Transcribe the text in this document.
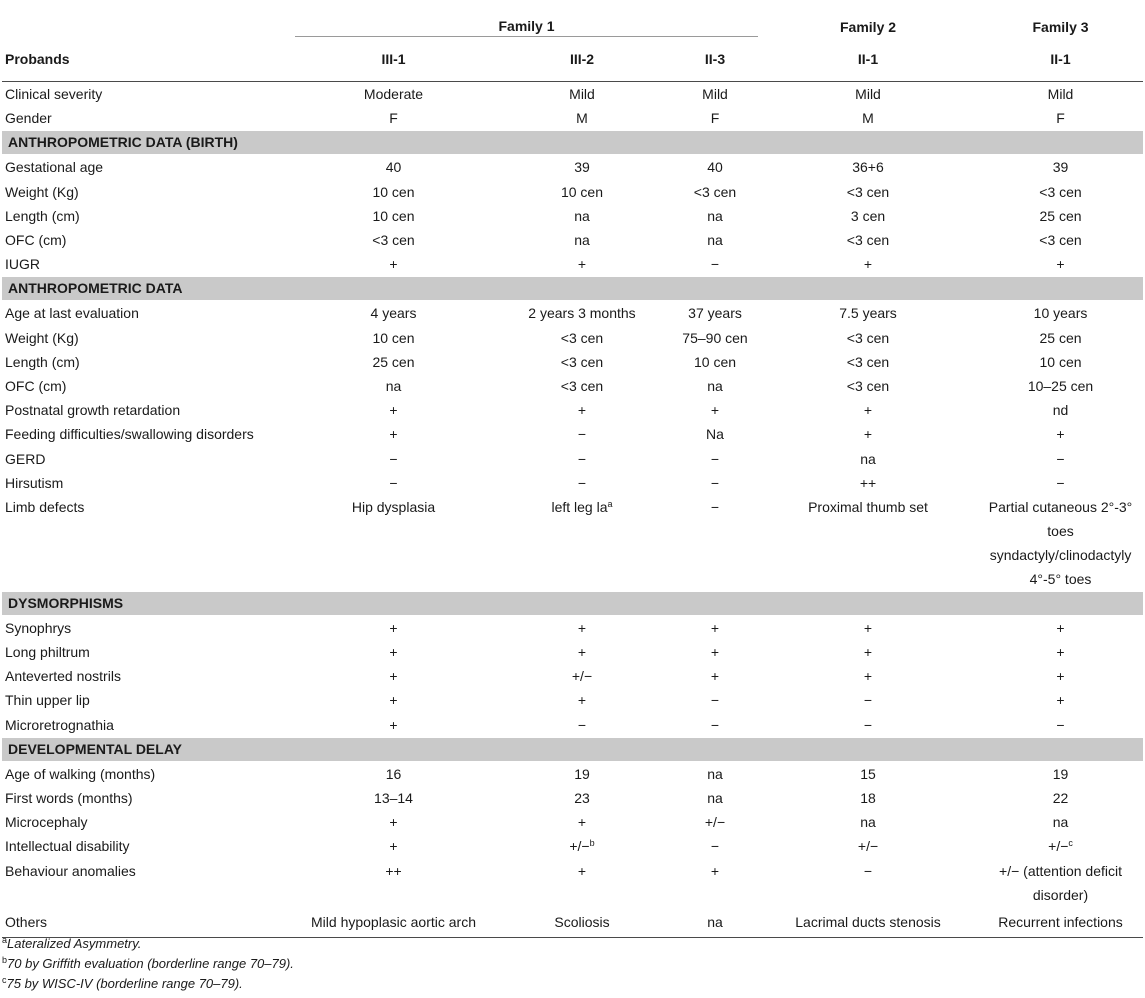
	Family 1			Family 2	Family 3
Probands	III-1	III-2	II-3	II-1	II-1
Clinical severity	Moderate	Mild	Mild	Mild	Mild
Gender	F	M	F	M	F
ANTHROPOMETRIC DATA (BIRTH)					
Gestational age	40	39	40	36+6	39
Weight (Kg)	10 cen	10 cen	<3 cen	<3 cen	<3 cen
Length (cm)	10 cen	na	na	3 cen	25 cen
OFC (cm)	<3 cen	na	na	<3 cen	<3 cen
IUGR	+	+	−	+	+
ANTHROPOMETRIC DATA					
Age at last evaluation	4 years	2 years 3 months	37 years	7.5 years	10 years
Weight (Kg)	10 cen	<3 cen	75–90 cen	<3 cen	25 cen
Length (cm)	25 cen	<3 cen	10 cen	<3 cen	10 cen
OFC (cm)	na	<3 cen	na	<3 cen	10–25 cen
Postnatal growth retardation	+	+	+	+	nd
Feeding difficulties/swallowing disorders	+	−	Na	+	+
GERD	−	−	−	na	−
Hirsutism	−	−	−	++	−
Limb defects	Hip dysplasia	left leg $la^a$	−	Proximal thumb set	Partial cutaneous 2°-3°
toes
syndactyly/clinodactyly
4°-5° toes

DYSMORPHISMS					
Synophrys	+	+	+	+	+
Long philtrum	+	+	+	+	+
Anteverted nostrils	+	+/−	+	+	+
Thin upper lip	+	+	−	−	+
Microretrognathia	+	−	−	−	−
DEVELOPMENTAL DELAY					
Age of walking (months)	16	19	na	15	19
First words (months)	13–14	23	na	18	22
Microcephaly	+	+	+/−	na	na
Intellectual disability	+	+/−$^b$	−	+/−	+/−$^c$
Behaviour anomalies	++	+	+	−	+/− (attention deficit
disorder)

Others	Mild hypoplasic aortic arch	Scoliosis	na	Lacrimal ducts stenosis	Recurrent infections
$^a$Lateralized Asymmetry.
$^b$70 by Griffith evaluation (borderline range 70–79).
$^c$75 by WISC-IV (borderline range 70–79).
